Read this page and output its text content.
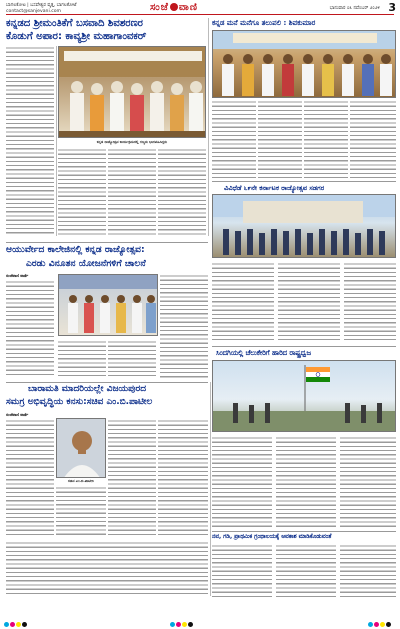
ಬಾಗಲಕೋಟ | ಬಸವೇಶ್ವರ ವೃತ್ತ, ಬಾಗಲಕೋಟೆ
contact@sanjevani.com	ಸಂಜೆ ವಾಣಿ	ಭಾನುವಾರ ೦೩ ನವೆಂಬರ್ ೨೦೨೪ 3
ಕನ್ನಡದ ಶ್ರೀಮಂತಿಕೆಗೆ ಬಸವಾದಿ ಶಿವಶರಣರ
ಕೊಡುಗೆ ಅಪಾರ: ಕಾವ್ಯಶ್ರೀ ಮಹಾಗಾಂವಕರ್
ಕನ್ನಡ ರಾಜ್ಯೋತ್ಸವ ಕಾರ್ಯಕ್ರಮದಲ್ಲಿ ಗಣ್ಯರು ಭಾಗವಹಿಸಿದ್ದರು
ಕನ್ನಡ ಮನೆ ಮನೆಗೂ ತಲುಪಲಿ : ಶಿವಕುಮಾರ
ವಿವಿಧೆಡೆ ೬೯ನೇ ಕರ್ನಾಟಕ ರಾಜ್ಯೋತ್ಸವ ಸಡಗರ
ಆಯುರ್ವೇದ ಕಾಲೇಜಿನಲ್ಲಿ ಕನ್ನಡ ರಾಜ್ಯೋತ್ಸವ:
ಎರಡು ವಿನೂತನ ಯೋಜನೆಗಳಿಗೆ ಚಾಲನೆ
ಸಂಜೆವಾಣಿ ವಾರ್ತೆ
ಸಿಂದಗಿಯಲ್ಲಿ ಚೆಲುಕೇರಿಗೆ ಹಾರಿದ ರಾಷ್ಟ್ರಧ್ವಜ
ಬಾರಾಮತಿ ಮಾದರಿಯಲ್ಲೇ ವಿಜಯಪುರದ
ಸಮಗ್ರ ಅಭಿವೃದ್ಧಿಯ ಕನಸು:ಸಚಿವ ಎಂ.ಬಿ.ಪಾಟೀಲ
ಸಂಜೆವಾಣಿ ವಾರ್ತೆ
ಸಚಿವ ಎಂ.ಬಿ.ಪಾಟೀಲ
ನವ, ಗಡಿ, ಪ್ರಾಥಮಿಕ ಗ್ರಂಥಾಲಯಕ್ಕೆ ಅವಕಾಶ ಮಾಡಿಕೊಡುವಂತೆ
